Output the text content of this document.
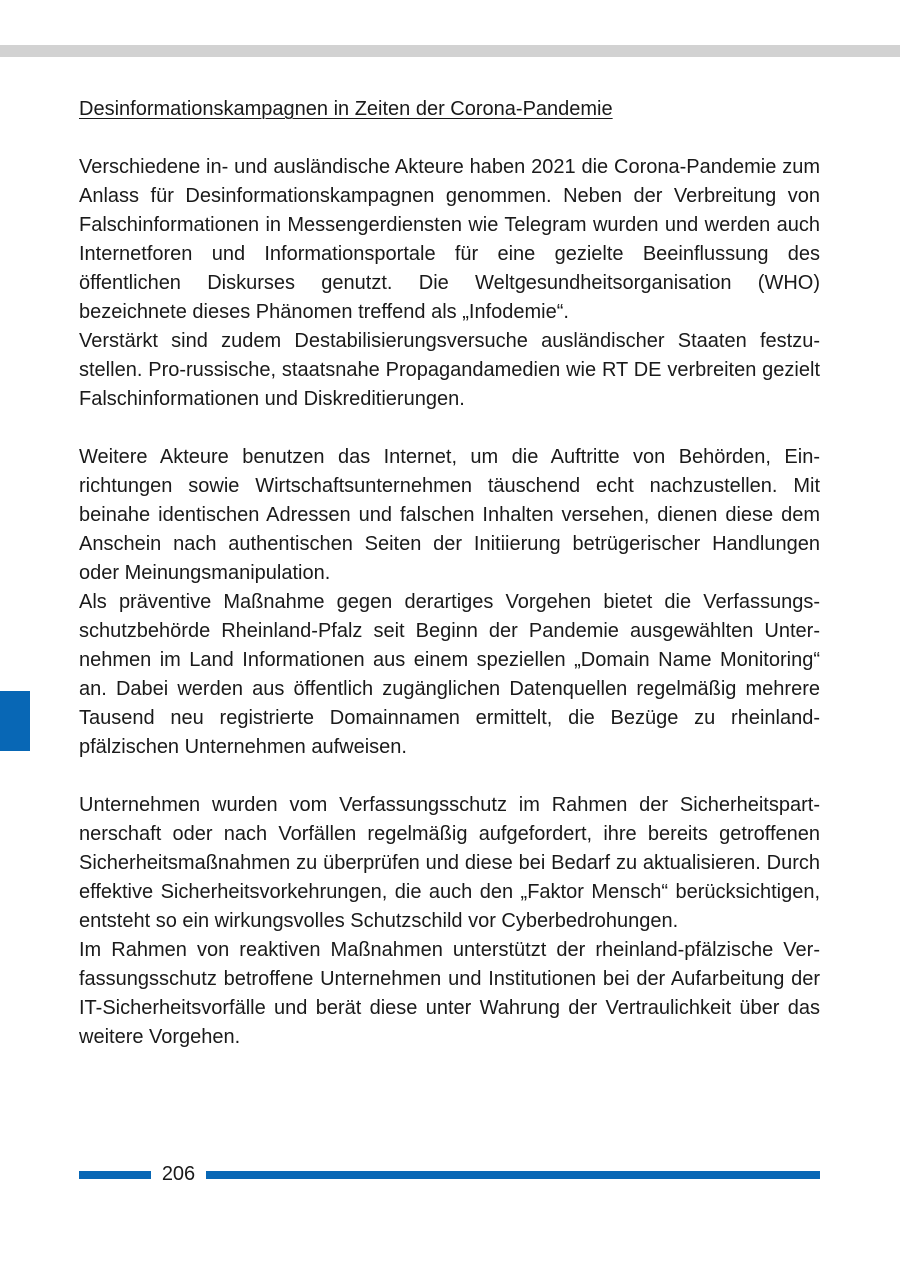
Desinformationskampagnen in Zeiten der Corona-Pandemie

Verschiedene in- und ausländische Akteure haben 2021 die Corona-Pandemie zum Anlass für Desinformationskampagnen genommen. Neben der Verbreitung von Falschinformationen in Messengerdiensten wie Telegram wurden und werden auch Internetforen und Informationsportale für eine gezielte Beeinflussung des öffentlichen Diskurses genutzt. Die Weltgesundheitsorganisation (WHO) bezeichnete dieses Phänomen treffend als „Infodemie“.

Verstärkt sind zudem Destabilisierungsversuche ausländischer Staaten festzustellen. Pro-russische, staatsnahe Propagandamedien wie RT DE verbreiten gezielt Falschinformationen und Diskreditierungen.

Weitere Akteure benutzen das Internet, um die Auftritte von Behörden, Einrichtungen sowie Wirtschaftsunternehmen täuschend echt nachzustellen. Mit beinahe identischen Adressen und falschen Inhalten versehen, dienen diese dem Anschein nach authentischen Seiten der Initiierung betrügerischer Handlungen oder Meinungsmanipulation.

Als präventive Maßnahme gegen derartiges Vorgehen bietet die Verfassungsschutzbehörde Rheinland-Pfalz seit Beginn der Pandemie ausgewählten Unternehmen im Land Informationen aus einem speziellen „Domain Name Monitoring“ an. Dabei werden aus öffentlich zugänglichen Datenquellen regelmäßig mehrere Tausend neu registrierte Domainnamen ermittelt, die Bezüge zu rheinland-pfälzischen Unternehmen aufweisen.

Unternehmen wurden vom Verfassungsschutz im Rahmen der Sicherheitspartnerschaft oder nach Vorfällen regelmäßig aufgefordert, ihre bereits getroffenen Sicherheitsmaßnahmen zu überprüfen und diese bei Bedarf zu aktualisieren. Durch effektive Sicherheitsvorkehrungen, die auch den „Faktor Mensch“ berücksichtigen, entsteht so ein wirkungsvolles Schutzschild vor Cyberbedrohungen.

Im Rahmen von reaktiven Maßnahmen unterstützt der rheinland-pfälzische Verfassungsschutz betroffene Unternehmen und Institutionen bei der Aufarbeitung der IT-Sicherheitsvorfälle und berät diese unter Wahrung der Vertraulichkeit über das weitere Vorgehen.

206
